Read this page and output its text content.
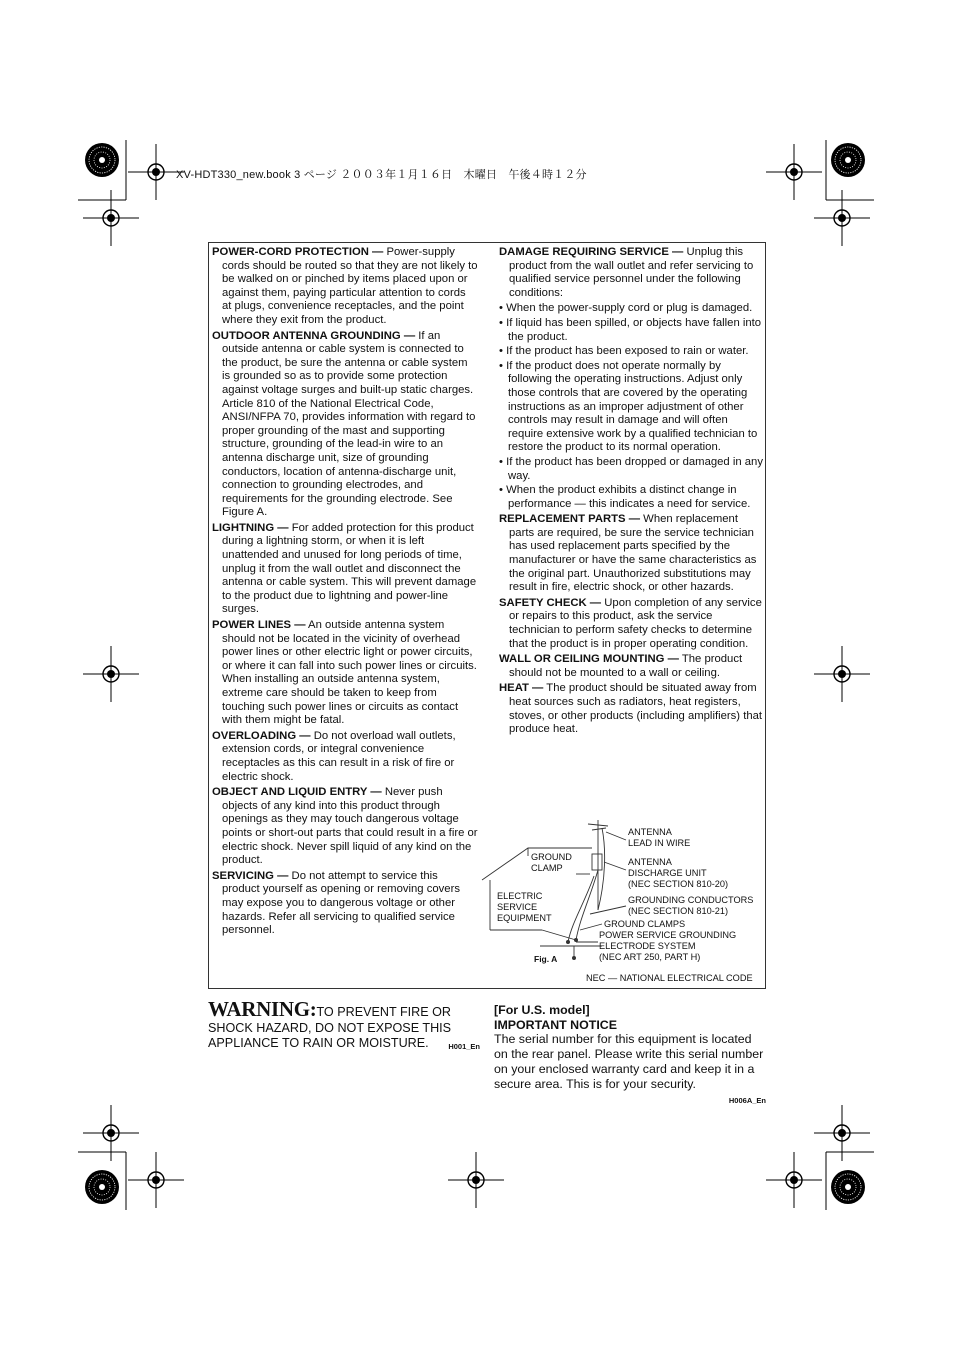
XV-HDT330_new.book 3 ページ ２００３年１月１６日　木曜日　午後４時１２分

POWER-CORD PROTECTION — Power-supply cords should be routed so that they are not likely to be walked on or pinched by items placed upon or against them, paying particular attention to cords at plugs, convenience receptacles, and the point where they exit from the product.

OUTDOOR ANTENNA GROUNDING — If an outside antenna or cable system is connected to the product, be sure the antenna or cable system is grounded so as to provide some protection against voltage surges and built-up static charges. Article 810 of the National Electrical Code, ANSI/NFPA 70, provides information with regard to proper grounding of the mast and supporting structure, grounding of the lead-in wire to an antenna discharge unit, size of grounding conductors, location of antenna-discharge unit, connection to grounding electrodes, and requirements for the grounding electrode. See Figure A.

LIGHTNING — For added protection for this product during a lightning storm, or when it is left unattended and unused for long periods of time, unplug it from the wall outlet and disconnect the antenna or cable system. This will prevent damage to the product due to lightning and power-line surges.

POWER LINES — An outside antenna system should not be located in the vicinity of overhead power lines or other electric light or power circuits, or where it can fall into such power lines or circuits. When installing an outside antenna system, extreme care should be taken to keep from touching such power lines or circuits as contact with them might be fatal.

OVERLOADING — Do not overload wall outlets, extension cords, or integral convenience receptacles as this can result in a risk of fire or electric shock.

OBJECT AND LIQUID ENTRY — Never push objects of any kind into this product through openings as they may touch dangerous voltage points or short-out parts that could result in a fire or electric shock. Never spill liquid of any kind on the product.

SERVICING — Do not attempt to service this product yourself as opening or removing covers may expose you to dangerous voltage or other hazards. Refer all servicing to qualified service personnel.

DAMAGE REQUIRING SERVICE — Unplug this product from the wall outlet and refer servicing to qualified service personnel under the following conditions:

• When the power-supply cord or plug is damaged.
• If liquid has been spilled, or objects have fallen into the product.
• If the product has been exposed to rain or water.
• If the product does not operate normally by following the operating instructions. Adjust only those controls that are covered by the operating instructions as an improper adjustment of other controls may result in damage and will often require extensive work by a qualified technician to restore the product to its normal operation.
• If the product has been dropped or damaged in any way.
• When the product exhibits a distinct change in performance — this indicates a need for service.

REPLACEMENT PARTS — When replacement parts are required, be sure the service technician has used replacement parts specified by the manufacturer or have the same characteristics as the original part. Unauthorized substitutions may result in fire, electric shock, or other hazards.

SAFETY CHECK — Upon completion of any service or repairs to this product, ask the service technician to perform safety checks to determine that the product is in proper operating condition.

WALL OR CEILING MOUNTING — The product should not be mounted to a wall or ceiling.

HEAT — The product should be situated away from heat sources such as radiators, heat registers, stoves, or other products (including amplifiers) that produce heat.

ANTENNA
LEAD IN WIRE
GROUND
CLAMP
ANTENNA
DISCHARGE UNIT
(NEC SECTION 810-20)
ELECTRIC
SERVICE
EQUIPMENT
GROUNDING CONDUCTORS
(NEC SECTION 810-21)
GROUND CLAMPS
POWER SERVICE GROUNDING
ELECTRODE SYSTEM
(NEC ART 250, PART H)
Fig. A
NEC — NATIONAL ELECTRICAL CODE
WARNING:TO PREVENT FIRE OR SHOCK HAZARD, DO NOT EXPOSE THIS APPLIANCE TO RAIN OR MOISTURE.	H001_En
[For U.S. model]
IMPORTANT NOTICE
The serial number for this equipment is located on the rear panel. Please write this serial number on your enclosed warranty card and keep it in a secure area. This is for your security.
H006A_En
